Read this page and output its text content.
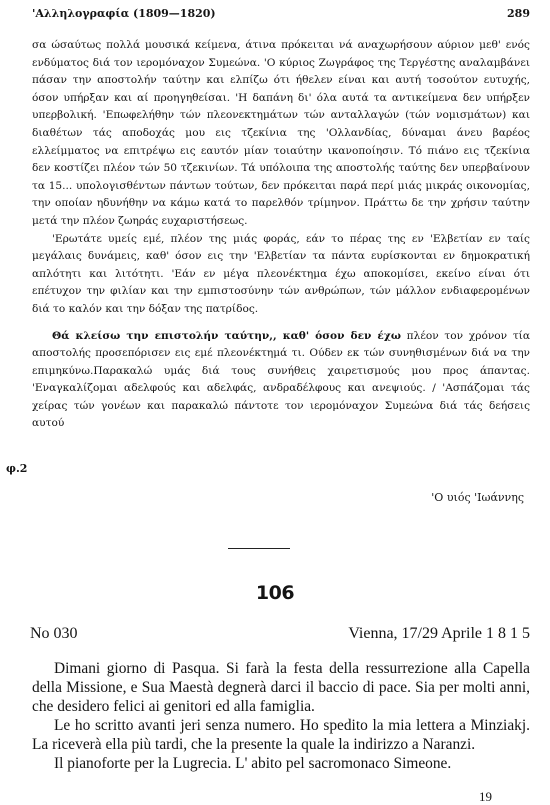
'Αλληλογραφία (1809—1820)	289

σα ώσαύτως πολλά μουσικά κείμενα, άτινα πρόκειται νά αναχωρήσουν αύριον μεθ' ενός ενδύματος διά τον ιερομόναχον Συμεώνα. 'Ο κύριος Ζωγράφος της Τεργέστης αναλαμβάνει πάσαν την αποστολήν ταύτην και ελπίζω ότι ήθελεν είναι και αυτή τοσούτον ευτυχής, όσον υπήρξαν και αί προηγηθείσαι. 'Η δαπάνη δι' όλα αυτά τα αντικείμενα δεν υπήρξεν υπερβολική. 'Επωφελήθην τών πλεονεκτημάτων τών ανταλλαγών (τών νομισμάτων) και διαθέτων τάς αποδοχάς μου εις τζεκίνια της 'Ολλανδίας, δύναμαι άνευ βαρέος ελλείμματος να επιτρέψω εις εαυτόν μίαν τοιαύτην ικανοποίησιν. Τό πιάνο εις τζεκίνια δεν κοστίζει πλέον τών 50 τζεκινίων. Τά υπόλοιπα της αποστολής ταύτης δεν υπερβαίνουν τα 15... υπολογισθέντων πάντων τούτων, δεν πρόκειται παρά περί μιάς μικράς οικονομίας, την οποίαν ηδυνήθην να κάμω κατά το παρελθόν τρίμηνον. Πράττω δε την χρήσιν ταύτην μετά την πλέον ζωηράς ευχαριστήσεως.

'Ερωτάτε υμείς εμέ, πλέον της μιάς φοράς, εάν το πέρας της εν 'Ελβετίαν εν ταίς μεγάλαις δυνάμεις, καθ' όσον εις την 'Ελβετίαν τα πάντα ευρίσκονται εν δημοκρατική απλότητι και λιτότητι. 'Εάν εν μέγα πλεονέκτημα έχω αποκομίσει, εκείνο είναι ότι επέτυχον την φιλίαν και την εμπιστοσύνην τών ανθρώπων, τών μάλλον ενδιαφερομένων διά το καλόν και την δόξαν της πατρίδος.

Θά κλείσω την επιστολήν ταύτην,, καθ' όσον δεν έχω πλέον τον χρόνον τία αποστολής προσεπόρισεν εις εμέ πλεονέκτημά τι. Ούδεν εκ τών συνηθισμένων διά να την επιμηκύνω.Παρακαλώ υμάς διά τους συνήθεις χαιρετισμούς μου προς άπαντας. 'Εναγκαλίζομαι αδελφούς και αδελφάς, ανδραδέλφους και ανεψιούς. / 'Ασπάζομαι τάς χείρας τών γονέων και παρακαλώ πάντοτε τον ιερομόναχον Συμεώνα διά τάς δεήσεις αυτού

φ.2
'Ο υιός 'Ιωάννης
106
No 030	Vienna, 17/29 Aprile 1 8 1 5

Dimani giorno di Pasqua. Si farà la festa della ressurrezione alla Capella della Missione, e Sua Maestà degnerà darci il baccio di pace. Sia per molti anni, che desidero felici ai genitori ed alla famiglia.

Le ho scritto avanti jeri senza numero. Ho spedito la mia lettera a Minziakj. La riceverà ella più tardi, che la presente la quale la indirizzo a Naranzi.

Il pianoforte per la Lugrecia. L' abito pel sacromonaco Simeone.

19
